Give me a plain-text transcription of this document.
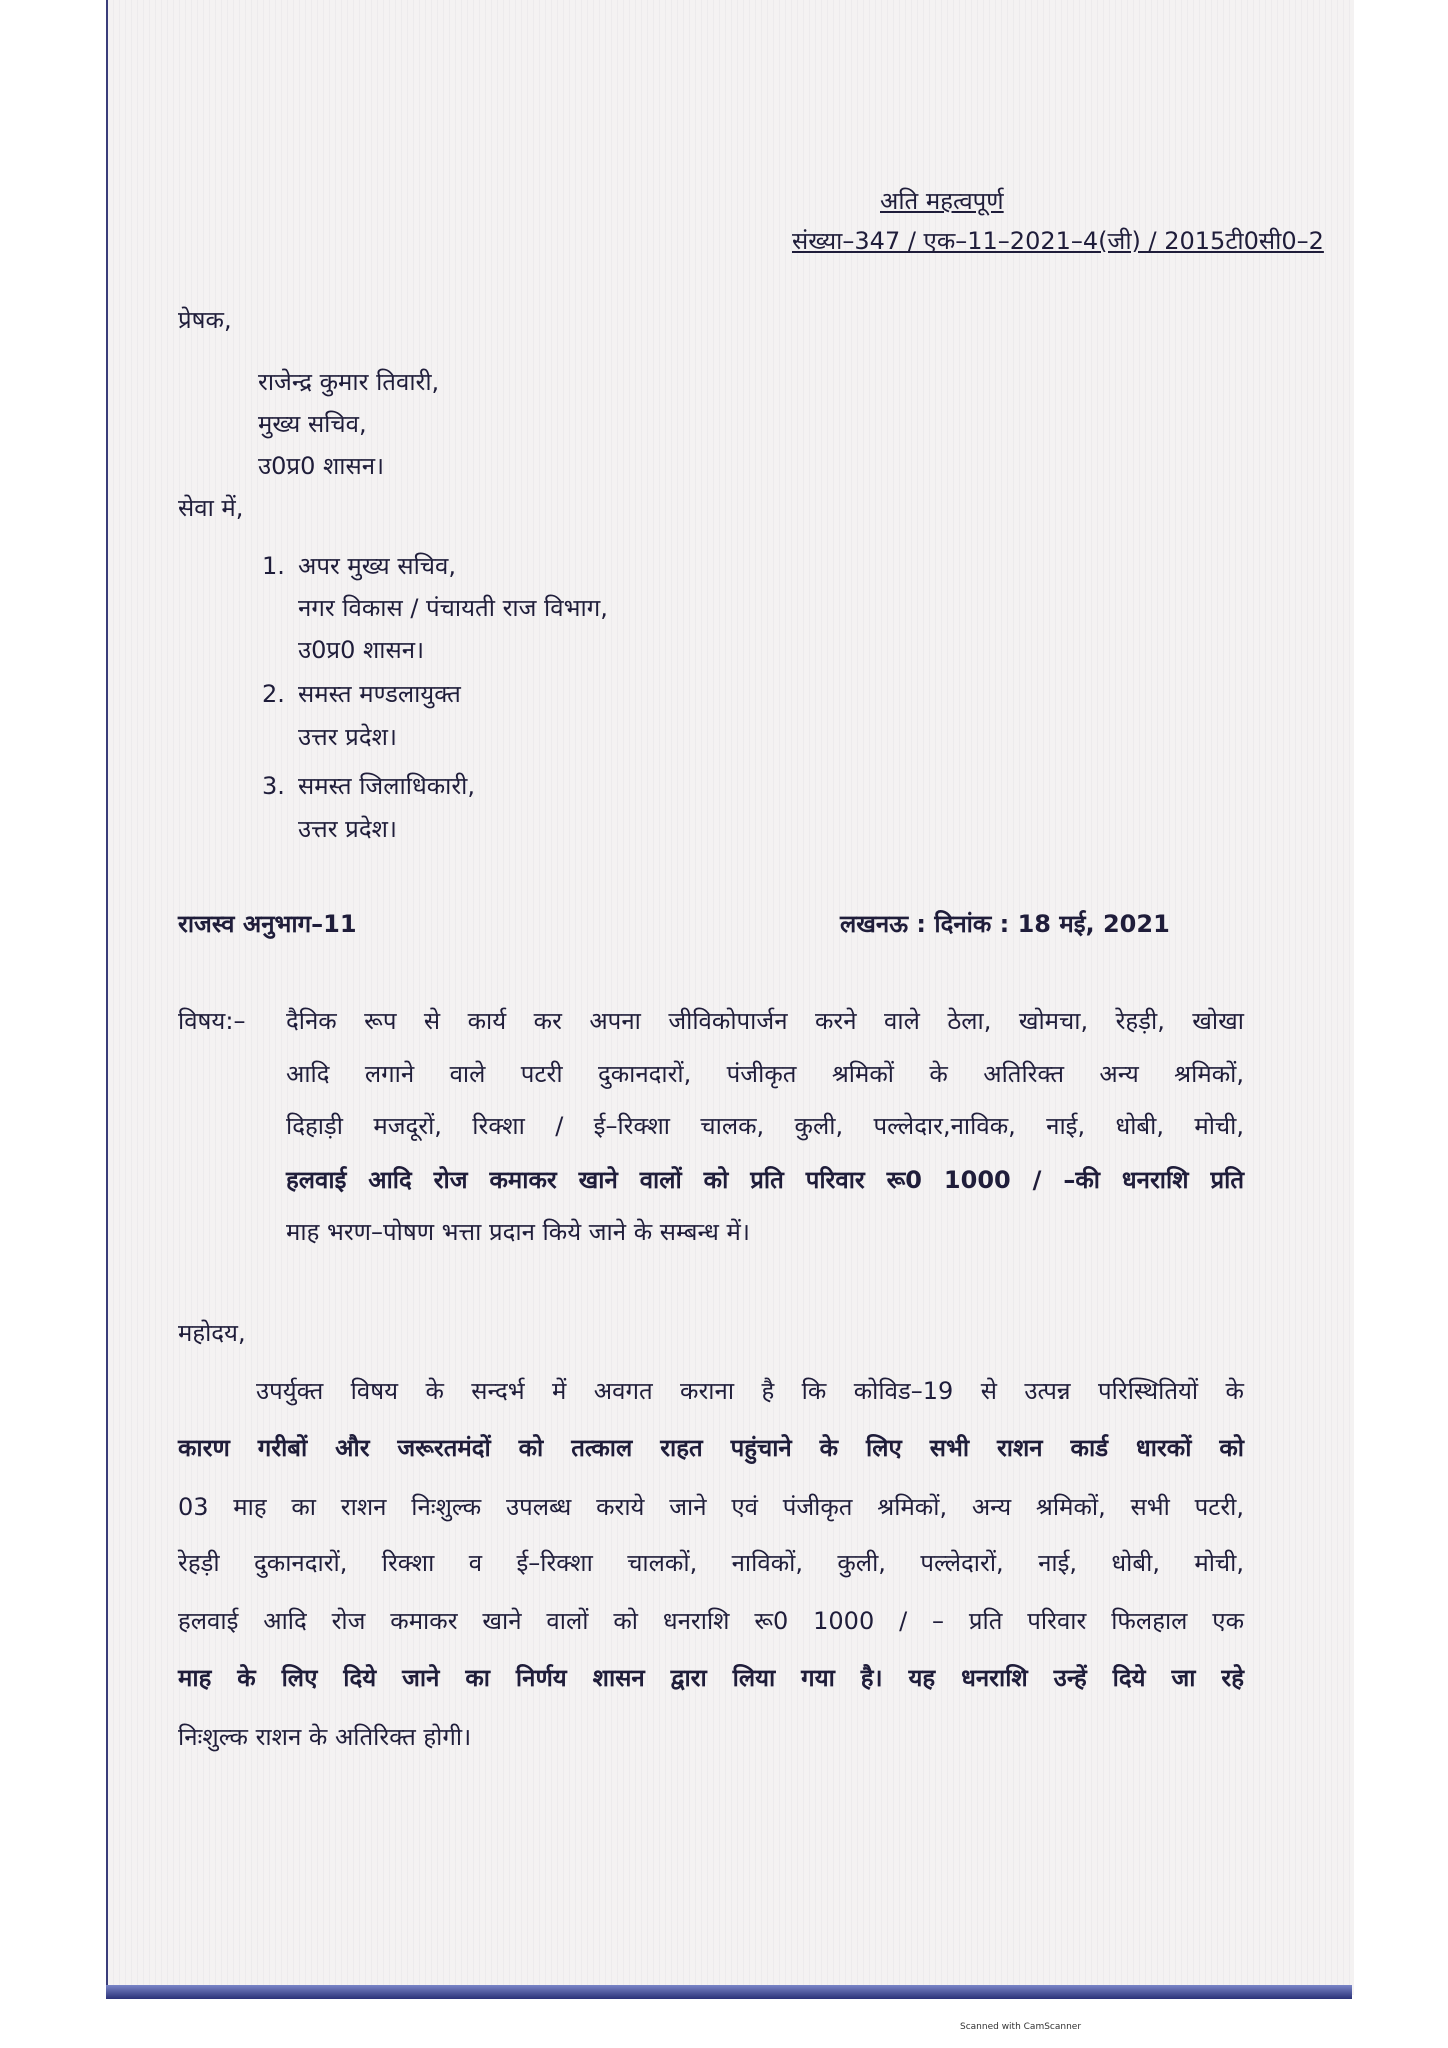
अति महत्वपूर्ण
संख्या–347 / एक–11–2021–4(जी) / 2015टी0सी0–2
प्रेषक,
राजेन्द्र कुमार तिवारी,
मुख्य सचिव,
उ0प्र0 शासन।
सेवा में,
1. अपर मुख्य सचिव,
नगर विकास / पंचायती राज विभाग,
उ0प्र0 शासन।
2. समस्त मण्डलायुक्त
उत्तर प्रदेश।
3. समस्त जिलाधिकारी,
उत्तर प्रदेश।
राजस्व अनुभाग–11	लखनऊ : दिनांक : 18 मई, 2021
विषय:– दैनिक रूप से कार्य कर अपना जीविकोपार्जन करने वाले ठेला, खोमचा, रेहड़ी, खोखा
आदि लगाने वाले पटरी दुकानदारों, पंजीकृत श्रमिकों के अतिरिक्त अन्य श्रमिकों,
दिहाड़ी मजदूरों, रिक्शा / ई–रिक्शा चालक, कुली, पल्लेदार,नाविक, नाई, धोबी, मोची,
हलवाई आदि रोज कमाकर खाने वालों को प्रति परिवार रू0 1000 / –की धनराशि प्रति
माह भरण–पोषण भत्ता प्रदान किये जाने के सम्बन्ध में।
महोदय,
उपर्युक्त विषय के सन्दर्भ में अवगत कराना है कि कोविड–19 से उत्पन्न परिस्थितियों के
कारण गरीबों और जरूरतमंदों को तत्काल राहत पहुंचाने के लिए सभी राशन कार्ड धारकों को
03 माह का राशन निःशुल्क उपलब्ध कराये जाने एवं पंजीकृत श्रमिकों, अन्य श्रमिकों, सभी पटरी,
रेहड़ी दुकानदारों, रिक्शा व ई–रिक्शा चालकों, नाविकों, कुली, पल्लेदारों, नाई, धोबी, मोची,
हलवाई आदि रोज कमाकर खाने वालों को धनराशि रू0 1000 / – प्रति परिवार फिलहाल एक
माह के लिए दिये जाने का निर्णय शासन द्वारा लिया गया है। यह धनराशि उन्हें दिये जा रहे
निःशुल्क राशन के अतिरिक्त होगी।
Scanned with CamScanner
